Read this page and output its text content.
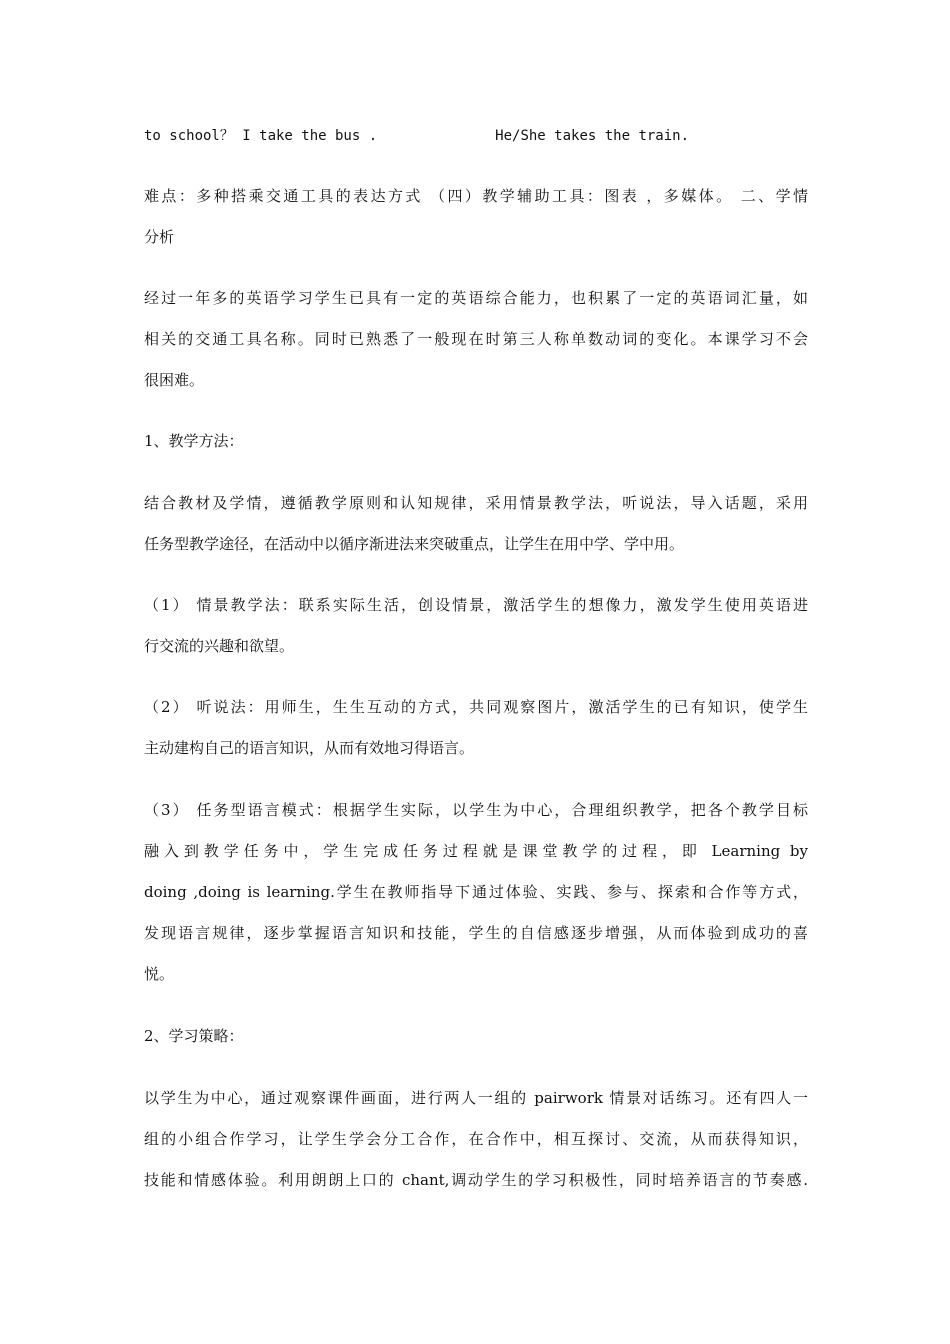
to school？ I take the bus .	He/She takes the train.
难点：多种搭乘交通工具的表达方式 （四）教学辅助工具：图表 ，多媒体。 二、学情
分析
经过一年多的英语学习学生已具有一定的英语综合能力，也积累了一定的英语词汇量，如
相关的交通工具名称。同时已熟悉了一般现在时第三人称单数动词的变化。本课学习不会
很困难。
1、教学方法：
结合教材及学情，遵循教学原则和认知规律，采用情景教学法，听说法，导入话题，采用
任务型教学途径，在活动中以循序渐进法来突破重点，让学生在用中学、学中用。
（1） 情景教学法：联系实际生活，创设情景，激活学生的想像力，激发学生使用英语进
行交流的兴趣和欲望。
（2） 听说法：用师生，生生互动的方式，共同观察图片，激活学生的已有知识，使学生
主动建构自己的语言知识，从而有效地习得语言。
（3） 任务型语言模式：根据学生实际，以学生为中心，合理组织教学，把各个教学目标
融入到教学任务中，学生完成任务过程就是课堂教学的过程，即 Learning by
doing ,doing is learning.学生在教师指导下通过体验、实践、参与、探索和合作等方式，
发现语言规律，逐步掌握语言知识和技能，学生的自信感逐步增强，从而体验到成功的喜
悦。
2、学习策略：
以学生为中心，通过观察课件画面，进行两人一组的 pairwork 情景对话练习。还有四人一
组的小组合作学习，让学生学会分工合作，在合作中，相互探讨、交流，从而获得知识，
技能和情感体验。利用朗朗上口的 chant,调动学生的学习积极性，同时培养语言的节奏感.
